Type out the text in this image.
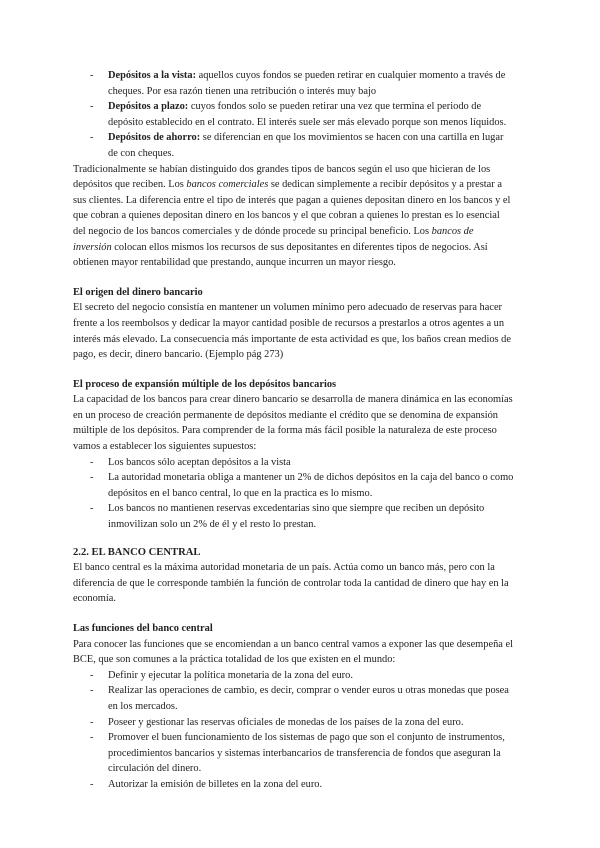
- Depósitos a la vista: aquellos cuyos fondos se pueden retirar en cualquier momento a través de cheques. Por esa razón tienen una retribución o interés muy bajo
- Depósitos a plazo: cuyos fondos solo se pueden retirar una vez que termina el periodo de depósito establecido en el contrato. El interés suele ser más elevado porque son menos líquidos.
- Depósitos de ahorro: se diferencian en que los movimientos se hacen con una cartilla en lugar de con cheques.

Tradicionalmente se habían distinguido dos grandes tipos de bancos según el uso que hicieran de los depósitos que reciben. Los bancos comerciales se dedican simplemente a recibir depósitos y a prestar a sus clientes. La diferencia entre el tipo de interés que pagan a quienes depositan dinero en los bancos y el que cobran a quienes depositan dinero en los bancos y el que cobran a quienes lo prestan es lo esencial del negocio de los bancos comerciales y de dónde procede su principal beneficio. Los bancos de inversión colocan ellos mismos los recursos de sus depositantes en diferentes tipos de negocios. Así obtienen mayor rentabilidad que prestando, aunque incurren un mayor riesgo.

El origen del dinero bancario

El secreto del negocio consistía en mantener un volumen mínimo pero adecuado de reservas para hacer frente a los reembolsos y dedicar la mayor cantidad posible de recursos a prestarlos a otros agentes a un interés más elevado. La consecuencia más importante de esta actividad es que, los baños crean medios de pago, es decir, dinero bancario. (Ejemplo pág 273)

El proceso de expansión múltiple de los depósitos bancarios

La capacidad de los bancos para crear dinero bancario se desarrolla de manera dinámica en las economías en un proceso de creación permanente de depósitos mediante el crédito que se denomina de expansión múltiple de los depósitos. Para comprender de la forma más fácil posible la naturaleza de este proceso vamos a establecer los siguientes supuestos:

- Los bancos sólo aceptan depósitos a la vista
- La autoridad monetaria obliga a mantener un 2% de dichos depósitos en la caja del banco o como depósitos en el banco central, lo que en la practica es lo mismo.
- Los bancos no mantienen reservas excedentarias sino que siempre que reciben un depósito inmovilizan solo un 2% de él y el resto lo prestan.
2.2. EL BANCO CENTRAL

El banco central es la máxima autoridad monetaria de un país. Actúa como un banco más, pero con la diferencia de que le corresponde también la función de controlar toda la cantidad de dinero que hay en la economía.

Las funciones del banco central

Para conocer las funciones que se encomiendan a un banco central vamos a exponer las que desempeña el BCE, que son comunes a la práctica totalidad de los que existen en el mundo:

- Definir y ejecutar la política monetaria de la zona del euro.
- Realizar las operaciones de cambio, es decir, comprar o vender euros u otras monedas que posea en los mercados.
- Poseer y gestionar las reservas oficiales de monedas de los países de la zona del euro.
- Promover el buen funcionamiento de los sistemas de pago que son el conjunto de instrumentos, procedimientos bancarios y sistemas interbancarios de transferencia de fondos que aseguran la circulación del dinero.
- Autorizar la emisión de billetes en la zona del euro.
